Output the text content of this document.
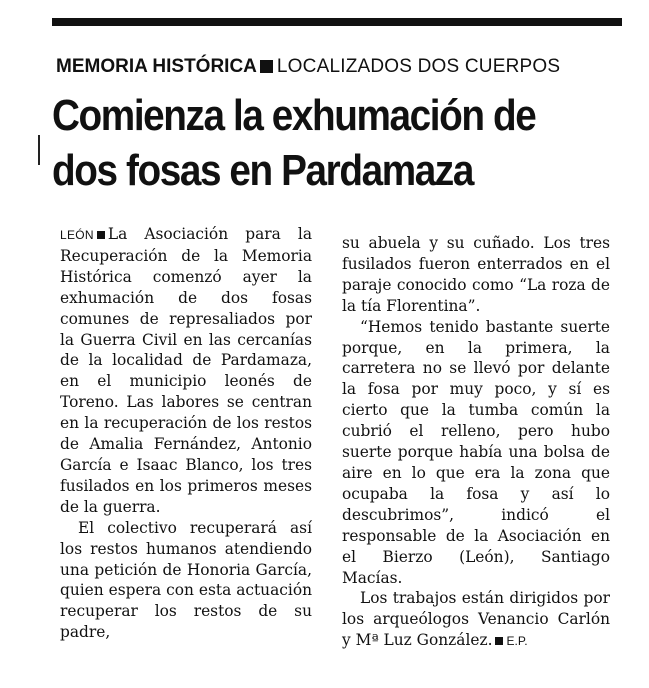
MEMORIA HISTÓRICA LOCALIZADOS DOS CUERPOS
Comienza la exhumación de
dos fosas en Pardamaza

LEÓN La Asociación para la Recuperación de la Memoria Histórica comenzó ayer la exhumación de dos fosas comunes de represaliados por la Guerra Civil en las cercanías de la localidad de Pardamaza, en el municipio leonés de Toreno. Las labores se centran en la recuperación de los restos de Amalia Fernández, Antonio García e Isaac Blanco, los tres fusilados en los primeros meses de la guerra.

El colectivo recuperará así los restos humanos atendiendo una petición de Honoria García, quien espera con esta actuación recuperar los restos de su padre,

su abuela y su cuñado. Los tres fusilados fueron enterrados en el paraje conocido como “La roza de la tía Florentina”.

“Hemos tenido bastante suerte porque, en la primera, la carretera no se llevó por delante la fosa por muy poco, y sí es cierto que la tumba común la cubrió el relleno, pero hubo suerte porque había una bolsa de aire en lo que era la zona que ocupaba la fosa y así lo descubrimos”, indicó el responsable de la Asociación en el Bierzo (León), Santiago Macías.

Los trabajos están dirigidos por los arqueólogos Venancio Carlón y Mª Luz González. E.P.
